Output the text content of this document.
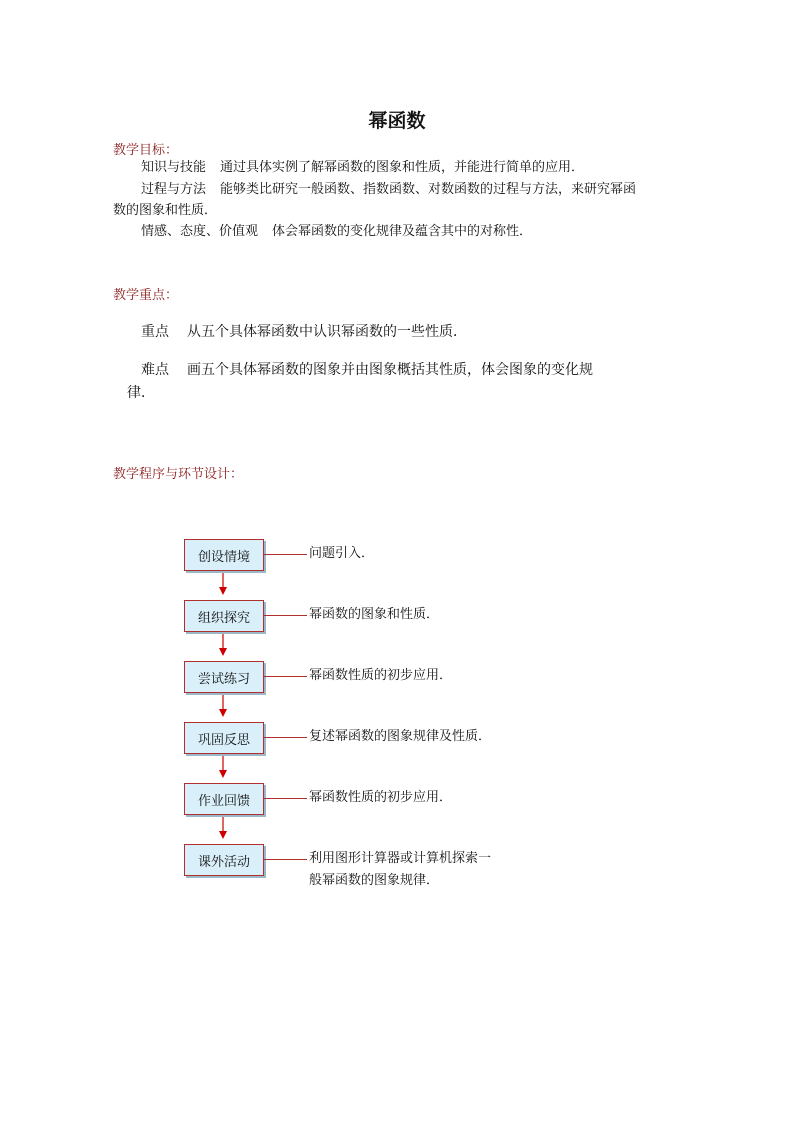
幂函数
教学目标：
知识与技能 通过具体实例了解幂函数的图象和性质，并能进行简单的应用．
过程与方法 能够类比研究一般函数、指数函数、对数函数的过程与方法，来研究幂函
数的图象和性质．
情感、态度、价值观 体会幂函数的变化规律及蕴含其中的对称性．
教学重点：
重点 从五个具体幂函数中认识幂函数的一些性质．
难点 画五个具体幂函数的图象并由图象概括其性质，体会图象的变化规
律．
教学程序与环节设计：
创设情境
组织探究
尝试练习
巩固反思
作业回馈
课外活动
问题引入．
幂函数的图象和性质．
幂函数性质的初步应用．
复述幂函数的图象规律及性质．
幂函数性质的初步应用．
利用图形计算器或计算机探索一
般幂函数的图象规律．
